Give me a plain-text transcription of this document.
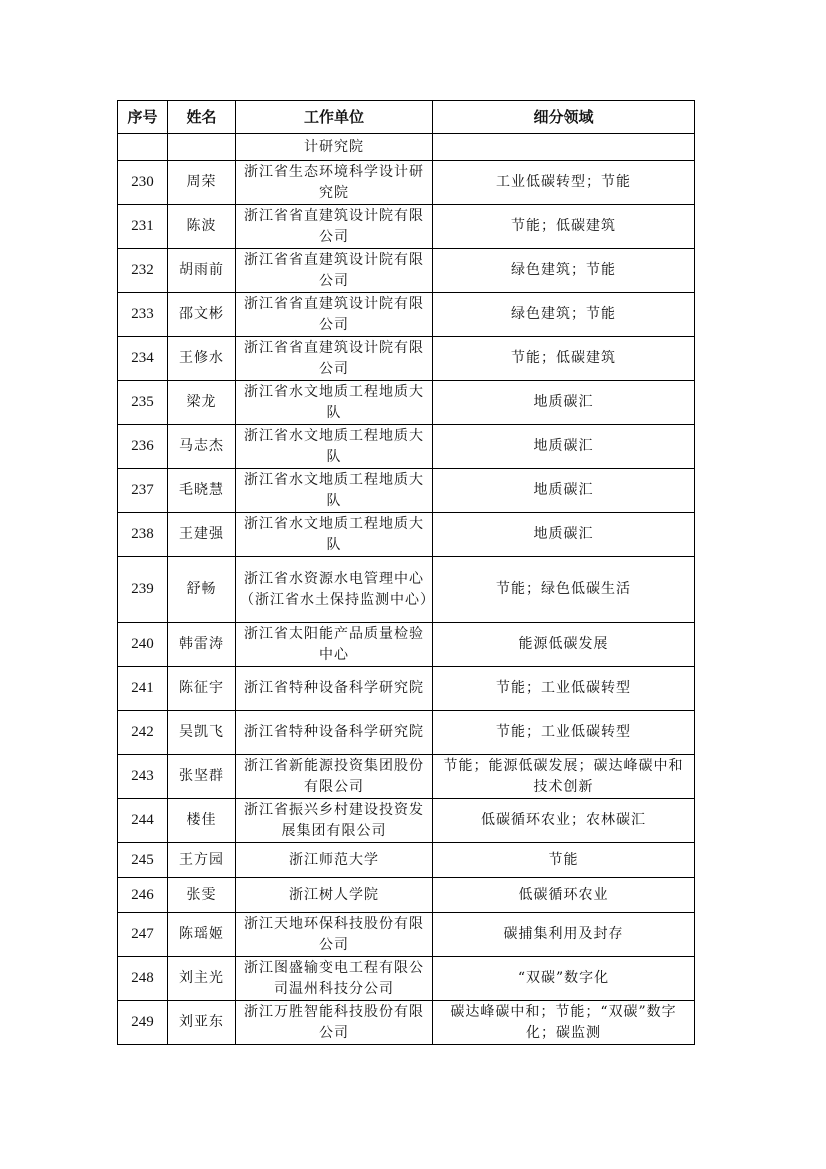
序号	姓名	工作单位	细分领域
		计研究院	
230	周荣	浙江省生态环境科学设计研究院	工业低碳转型；节能
231	陈波	浙江省省直建筑设计院有限公司	节能；低碳建筑
232	胡雨前	浙江省省直建筑设计院有限公司	绿色建筑；节能
233	邵文彬	浙江省省直建筑设计院有限公司	绿色建筑；节能
234	王修水	浙江省省直建筑设计院有限公司	节能；低碳建筑
235	梁龙	浙江省水文地质工程地质大队	地质碳汇
236	马志杰	浙江省水文地质工程地质大队	地质碳汇
237	毛晓慧	浙江省水文地质工程地质大队	地质碳汇
238	王建强	浙江省水文地质工程地质大队	地质碳汇
239	舒畅	浙江省水资源水电管理中心（浙江省水土保持监测中心）	节能；绿色低碳生活
240	韩雷涛	浙江省太阳能产品质量检验中心	能源低碳发展
241	陈征宇	浙江省特种设备科学研究院	节能；工业低碳转型
242	吴凯飞	浙江省特种设备科学研究院	节能；工业低碳转型
243	张坚群	浙江省新能源投资集团股份有限公司	节能；能源低碳发展；碳达峰碳中和技术创新
244	楼佳	浙江省振兴乡村建设投资发展集团有限公司	低碳循环农业；农林碳汇
245	王方园	浙江师范大学	节能
246	张雯	浙江树人学院	低碳循环农业
247	陈瑶姬	浙江天地环保科技股份有限公司	碳捕集利用及封存
248	刘主光	浙江图盛输变电工程有限公司温州科技分公司	“双碳”数字化
249	刘亚东	浙江万胜智能科技股份有限公司	碳达峰碳中和；节能；“双碳”数字化；碳监测
